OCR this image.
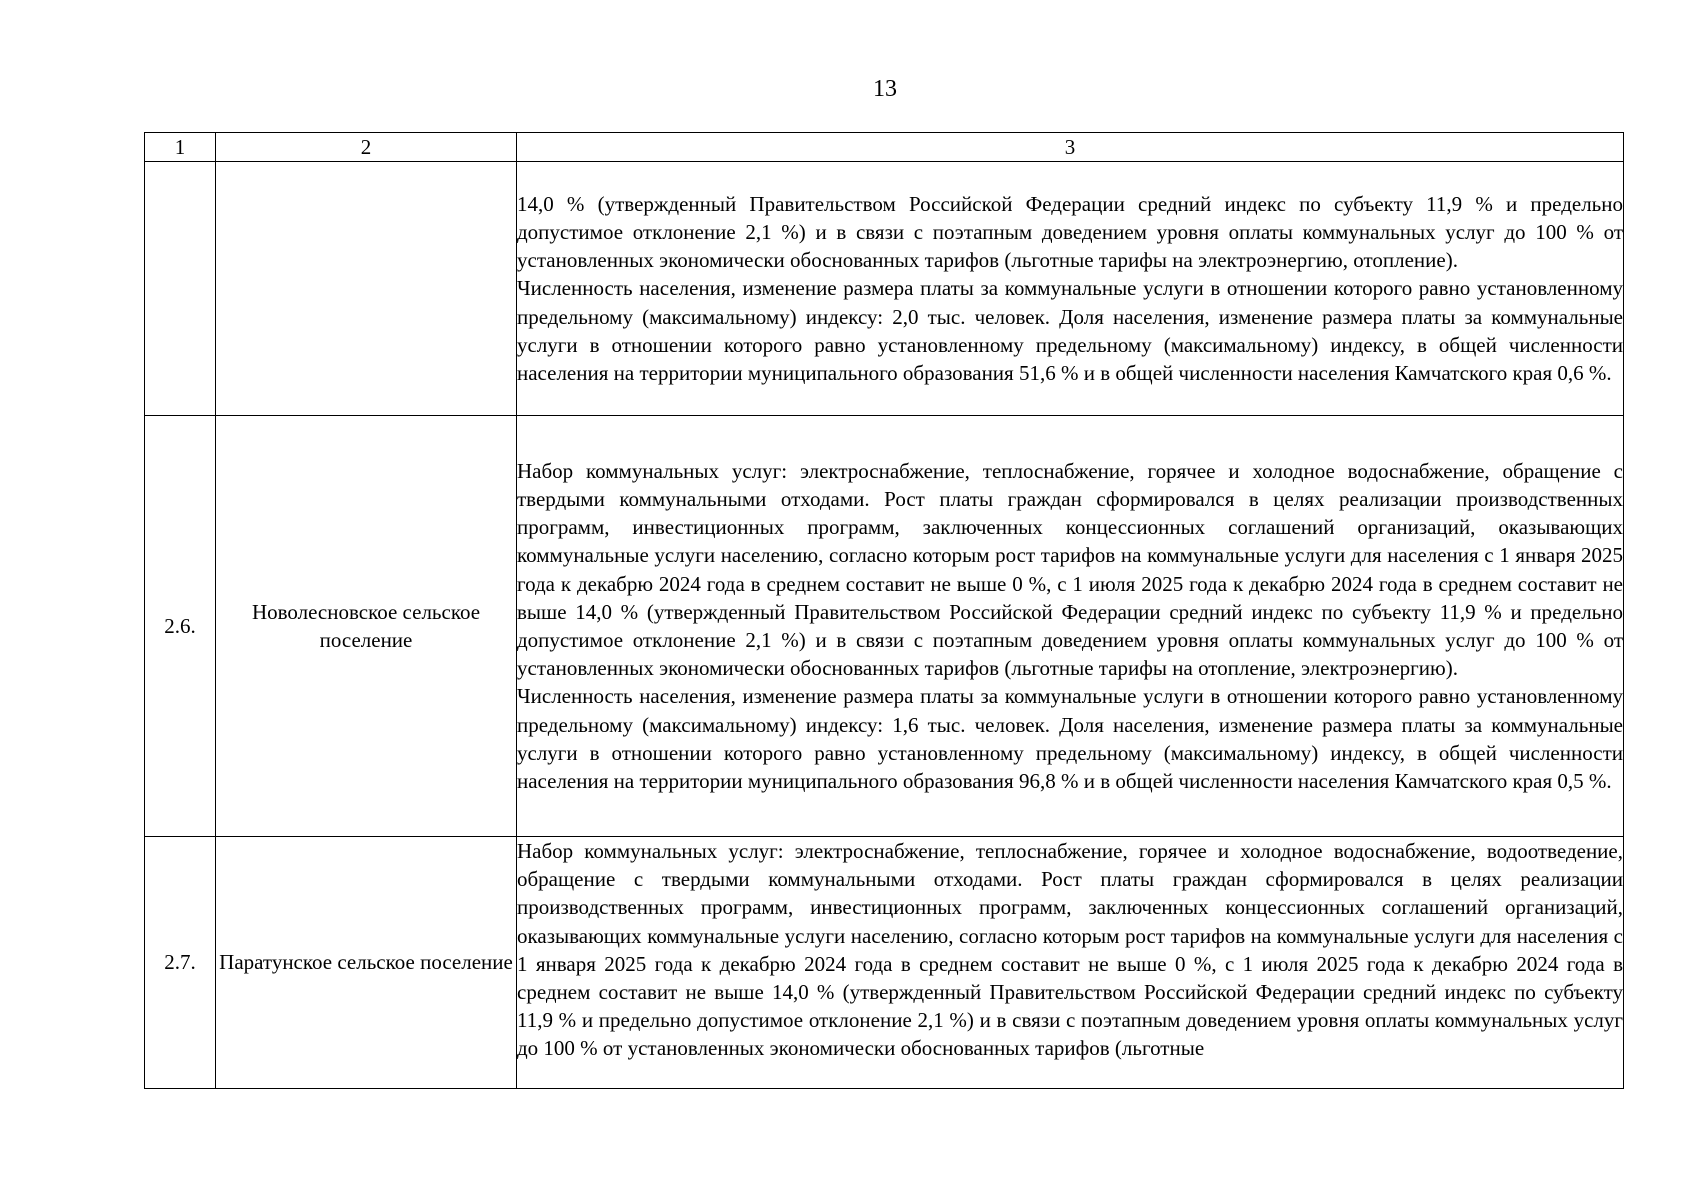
13
1	2	3

		14,0 % (утвержденный Правительством Российской Федерации средний индекс по субъекту 11,9 % и предельно допустимое отклонение 2,1 %) и в связи с поэтапным доведением уровня оплаты коммунальных услуг до 100 % от установленных экономически обоснованных тарифов (льготные тарифы на электроэнергию, отопление).

Численность населения, изменение размера платы за коммунальные услуги в отношении которого равно установленному предельному (максимальному) индексу: 2,0 тыс. человек. Доля населения, изменение размера платы за коммунальные услуги в отношении которого равно установленному предельному (максимальному) индексу, в общей численности населения на территории муниципального образования 51,6 % и в общей численности населения Камчатского края 0,6 %.

2.6.	Новолесновское сельское поселение	Набор коммунальных услуг: электроснабжение, теплоснабжение, горячее и холодное водоснабжение, обращение с твердыми коммунальными отходами. Рост платы граждан сформировался в целях реализации производственных программ, инвестиционных программ, заключенных концессионных соглашений организаций, оказывающих коммунальные услуги населению, согласно которым рост тарифов на коммунальные услуги для населения с 1 января 2025 года к декабрю 2024 года в среднем составит не выше 0 %, с 1 июля 2025 года к декабрю 2024 года в среднем составит не выше 14,0 % (утвержденный Правительством Российской Федерации средний индекс по субъекту 11,9 % и предельно допустимое отклонение 2,1 %) и в связи с поэтапным доведением уровня оплаты коммунальных услуг до 100 % от установленных экономически обоснованных тарифов (льготные тарифы на отопление, электроэнергию).

Численность населения, изменение размера платы за коммунальные услуги в отношении которого равно установленному предельному (максимальному) индексу: 1,6 тыс. человек. Доля населения, изменение размера платы за коммунальные услуги в отношении которого равно установленному предельному (максимальному) индексу, в общей численности населения на территории муниципального образования 96,8 % и в общей численности населения Камчатского края 0,5 %.

2.7.	Паратунское сельское поселение	Набор коммунальных услуг: электроснабжение, теплоснабжение, горячее и холодное водоснабжение, водоотведение, обращение с твердыми коммунальными отходами. Рост платы граждан сформировался в целях реализации производственных программ, инвестиционных программ, заключенных концессионных соглашений организаций, оказывающих коммунальные услуги населению, согласно которым рост тарифов на коммунальные услуги для населения с 1 января 2025 года к декабрю 2024 года в среднем составит не выше 0 %, с 1 июля 2025 года к декабрю 2024 года в среднем составит не выше 14,0 % (утвержденный Правительством Российской Федерации средний индекс по субъекту 11,9 % и предельно допустимое отклонение 2,1 %) и в связи с поэтапным доведением уровня оплаты коммунальных услуг до 100 % от установленных экономически обоснованных тарифов (льготные
